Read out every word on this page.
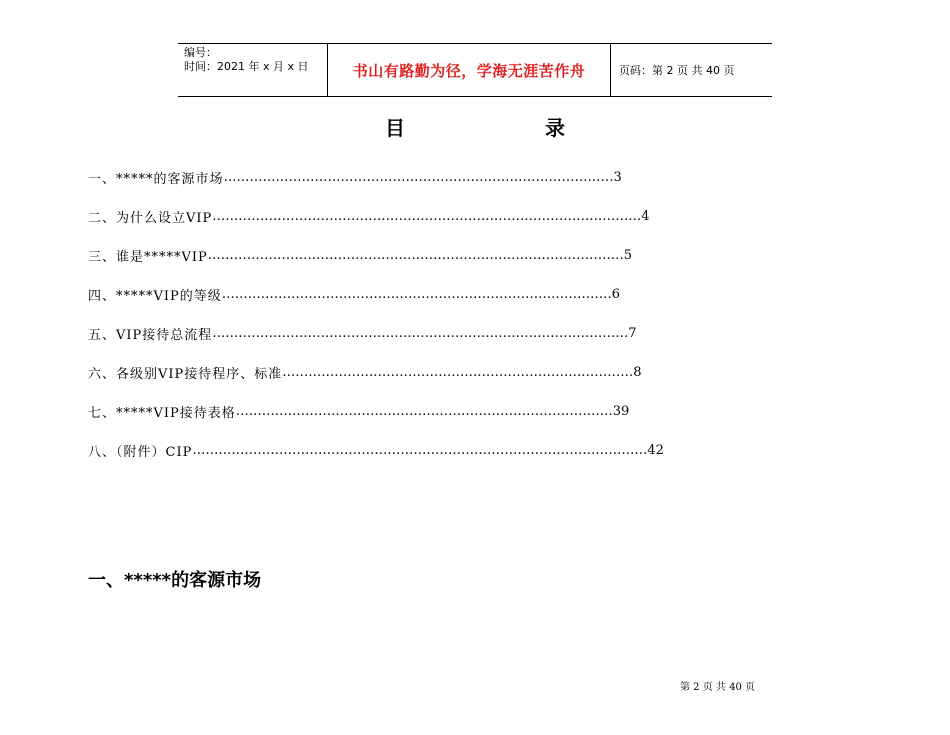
编号：
时间：2021 年 x 月 x 日	书山有路勤为径，学海无涯苦作舟	页码：第 2 页 共 40 页
目	录
一、*****的客源市场 ……………………………………………………………………………… 3
二、为什么设立VIP ……………………………………………………………………………………… 4
三、谁是*****VIP …………………………………………………………………………………… 5
四、*****VIP的等级 ……………………………………………………………………………… 6
五、VIP接待总流程 …………………………………………………………………………………… 7
六、各级别VIP接待程序、标准 ……………………………………………………………………… 8
七、*****VIP接待表格 …………………………………………………………………………… 39
八、（附件）CIP …………………………………………………………………………………………… 42
一、*****的客源市场
第 2 页 共 40 页
